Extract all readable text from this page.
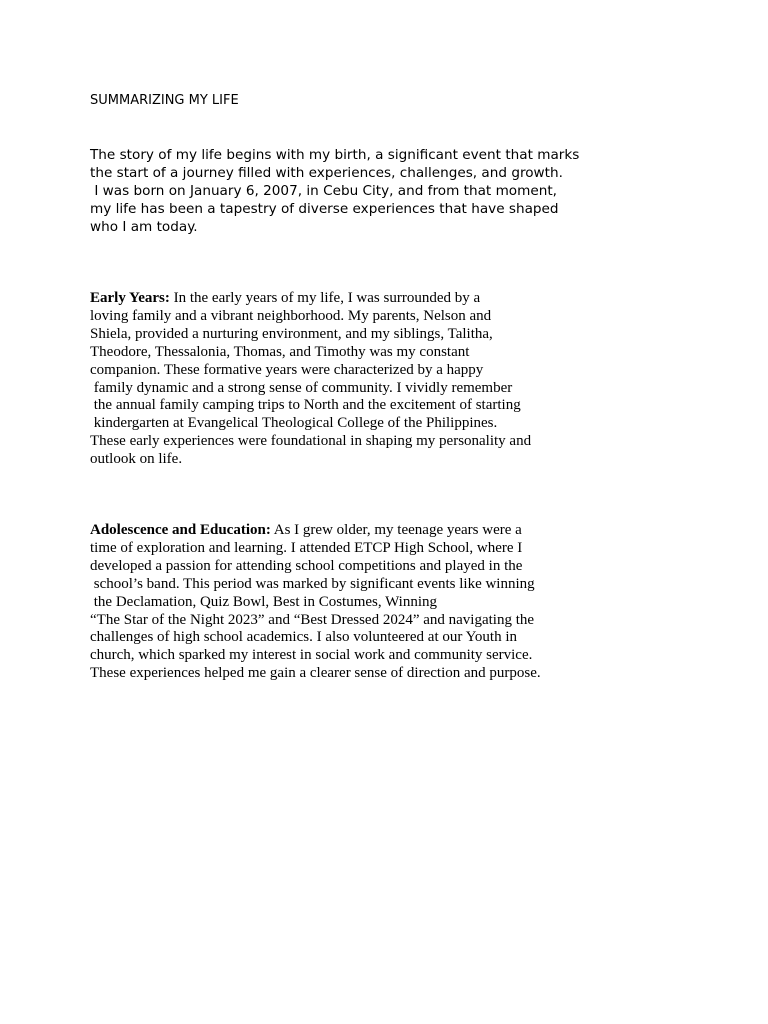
SUMMARIZING MY LIFE
The story of my life begins with my birth, a significant event that marks
the start of a journey filled with experiences, challenges, and growth.
I was born on January 6, 2007, in Cebu City, and from that moment,
my life has been a tapestry of diverse experiences that have shaped
who I am today.
Early Years: In the early years of my life, I was surrounded by a
loving family and a vibrant neighborhood. My parents, Nelson and
Shiela, provided a nurturing environment, and my siblings, Talitha,
Theodore, Thessalonia, Thomas, and Timothy was my constant
companion. These formative years were characterized by a happy
family dynamic and a strong sense of community. I vividly remember
the annual family camping trips to North and the excitement of starting
kindergarten at Evangelical Theological College of the Philippines.
These early experiences were foundational in shaping my personality and
outlook on life.
Adolescence and Education: As I grew older, my teenage years were a
time of exploration and learning. I attended ETCP High School, where I
developed a passion for attending school competitions and played in the
school’s band. This period was marked by significant events like winning
the Declamation, Quiz Bowl, Best in Costumes, Winning
“The Star of the Night 2023” and “Best Dressed 2024” and navigating the
challenges of high school academics. I also volunteered at our Youth in
church, which sparked my interest in social work and community service.
These experiences helped me gain a clearer sense of direction and purpose.
